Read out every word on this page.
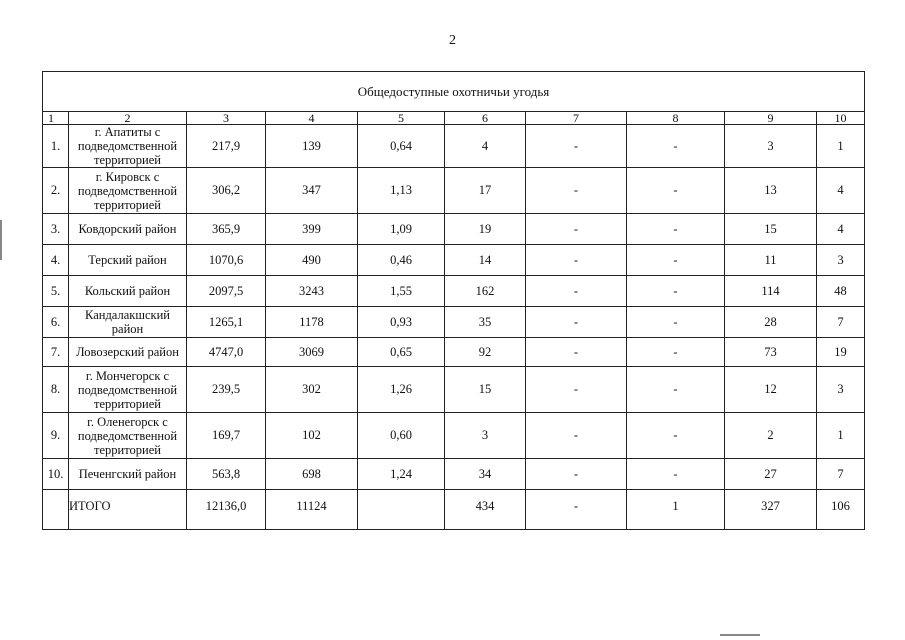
2
Общедоступные охотничьи угодья									
1	2	3	4	5	6	7	8	9	10
1.	г. Апатиты с подведомственной территорией	217,9	139	0,64	4	-	-	3	1
2.	г. Кировск с подведомственной территорией	306,2	347	1,13	17	-	-	13	4
3.	Ковдорский район	365,9	399	1,09	19	-	-	15	4
4.	Терский район	1070,6	490	0,46	14	-	-	11	3
5.	Кольский район	2097,5	3243	1,55	162	-	-	114	48
6.	Кандалакшский район	1265,1	1178	0,93	35	-	-	28	7
7.	Ловозерский район	4747,0	3069	0,65	92	-	-	73	19
8.	г. Мончегорск с подведомственной территорией	239,5	302	1,26	15	-	-	12	3
9.	г. Оленегорск с подведомственной территорией	169,7	102	0,60	3	-	-	2	1
10.	Печенгский район	563,8	698	1,24	34	-	-	27	7
	ИТОГО	12136,0	11124		434	-	1	327	106
